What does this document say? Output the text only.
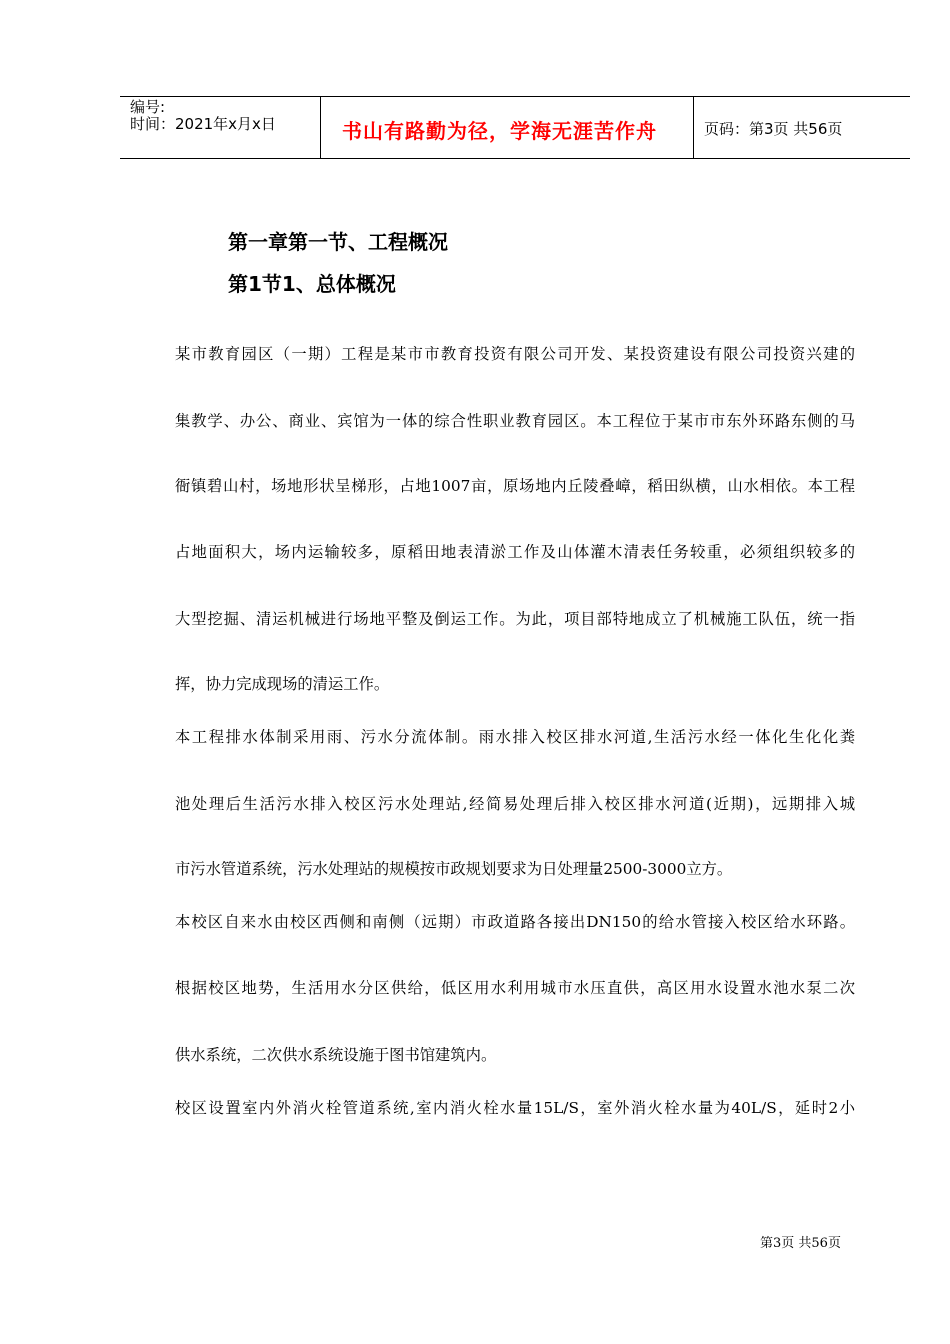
编号:
时间：2021年x月x日	书山有路勤为径，学海无涯苦作舟	页码：第3页 共56页
第一章第一节、工程概况
第1节1、总体概况
某市教育园区（一期）工程是某市市教育投资有限公司开发、某投资建设有限公司投资兴建的
集教学、办公、商业、宾馆为一体的综合性职业教育园区。本工程位于某市市东外环路东侧的马
衙镇碧山村，场地形状呈梯形，占地1007亩，原场地内丘陵叠嶂，稻田纵横，山水相依。本工程
占地面积大，场内运输较多，原稻田地表清淤工作及山体灌木清表任务较重，必须组织较多的
大型挖掘、清运机械进行场地平整及倒运工作。为此，项目部特地成立了机械施工队伍，统一指
挥，协力完成现场的清运工作。
本工程排水体制采用雨、污水分流体制。雨水排入校区排水河道,生活污水经一体化生化化粪
池处理后生活污水排入校区污水处理站,经简易处理后排入校区排水河道(近期)，远期排入城
市污水管道系统，污水处理站的规模按市政规划要求为日处理量2500-3000立方。
本校区自来水由校区西侧和南侧（远期）市政道路各接出DN150的给水管接入校区给水环路。
根据校区地势，生活用水分区供给，低区用水利用城市水压直供，高区用水设置水池水泵二次
供水系统，二次供水系统设施于图书馆建筑内。
校区设置室内外消火栓管道系统,室内消火栓水量15L/S，室外消火栓水量为40L/S，延时2小
第3页 共56页
